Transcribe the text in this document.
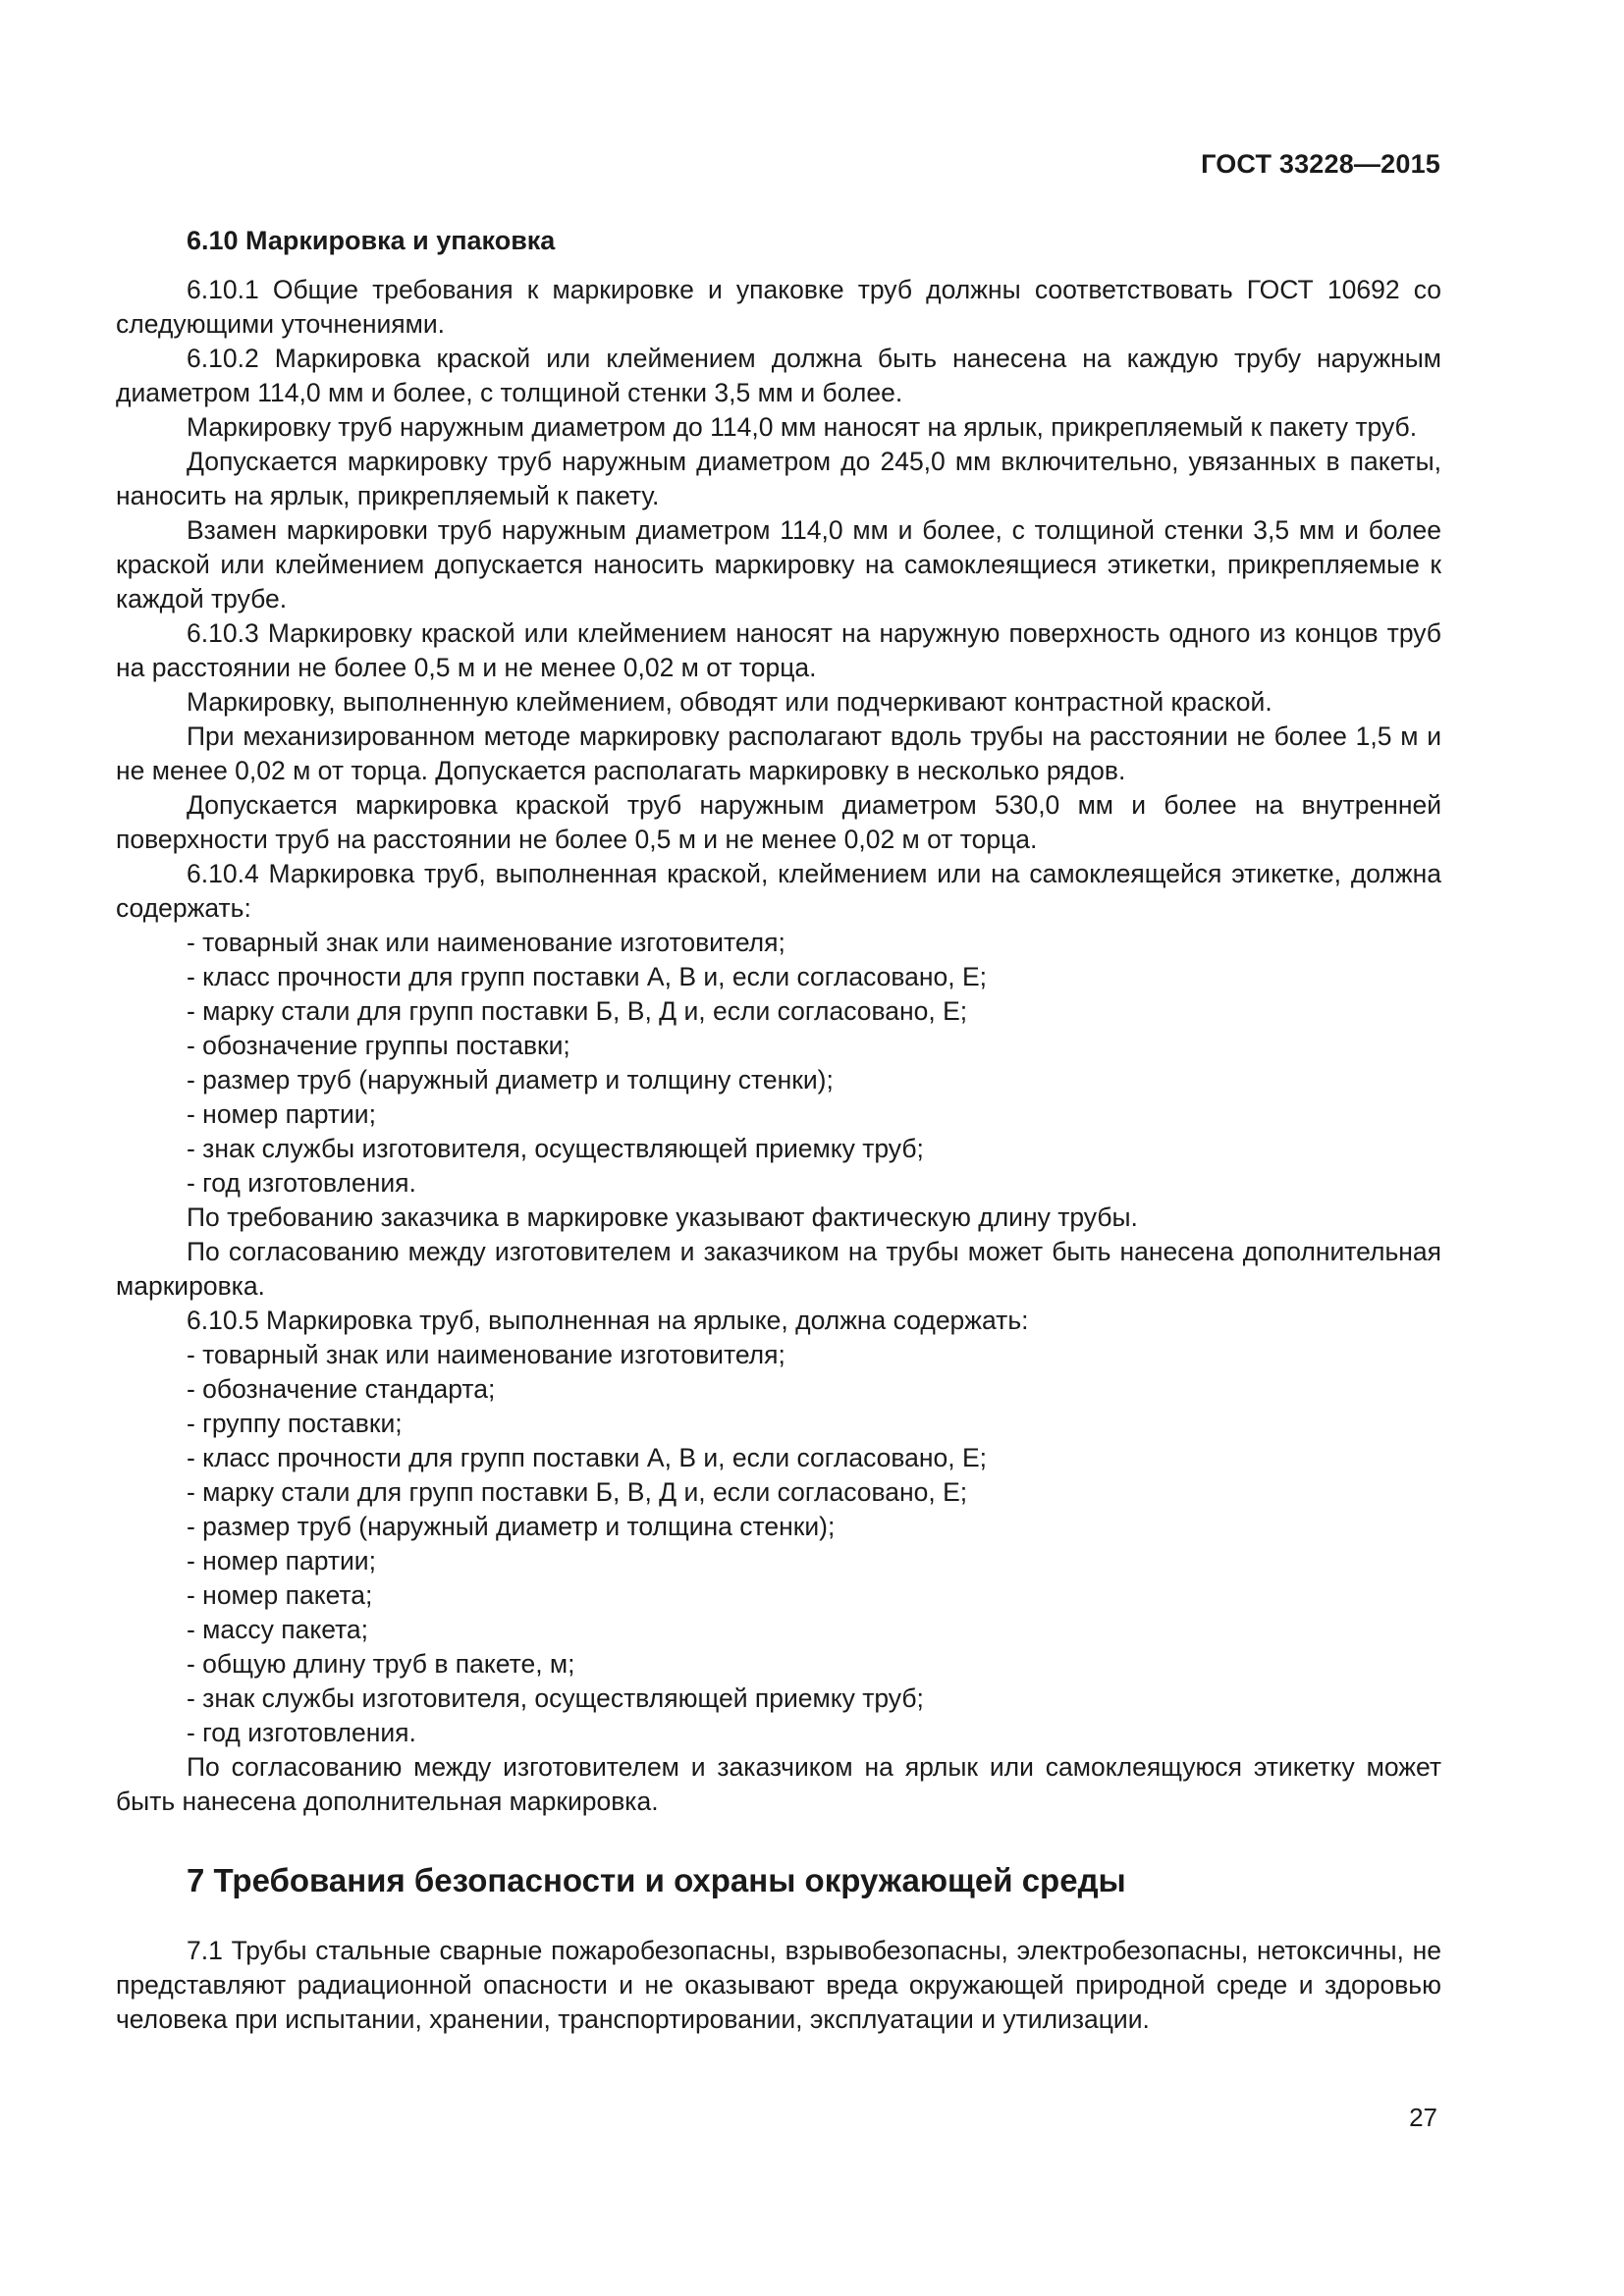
ГОСТ 33228—2015
6.10 Маркировка и упаковка

6.10.1 Общие требования к маркировке и упаковке труб должны соответствовать ГОСТ 10692 со следующими уточнениями.

6.10.2 Маркировка краской или клеймением должна быть нанесена на каждую трубу наружным диаметром 114,0 мм и более, с толщиной стенки 3,5 мм и более.

Маркировку труб наружным диаметром до 114,0 мм наносят на ярлык, прикрепляемый к пакету труб.

Допускается маркировку труб наружным диаметром до 245,0 мм включительно, увязанных в пакеты, наносить на ярлык, прикрепляемый к пакету.

Взамен маркировки труб наружным диаметром 114,0 мм и более, с толщиной стенки 3,5 мм и более краской или клеймением допускается наносить маркировку на самоклеящиеся этикетки, прикрепляемые к каждой трубе.

6.10.3 Маркировку краской или клеймением наносят на наружную поверхность одного из концов труб на расстоянии не более 0,5 м и не менее 0,02 м от торца.

Маркировку, выполненную клеймением, обводят или подчеркивают контрастной краской.

При механизированном методе маркировку располагают вдоль трубы на расстоянии не более 1,5 м и не менее 0,02 м от торца. Допускается располагать маркировку в несколько рядов.

Допускается маркировка краской труб наружным диаметром 530,0 мм и более на внутренней поверхности труб на расстоянии не более 0,5 м и не менее 0,02 м от торца.

6.10.4 Маркировка труб, выполненная краской, клеймением или на самоклеящейся этикетке, должна содержать:

- товарный знак или наименование изготовителя;
- класс прочности для групп поставки А, В и, если согласовано, Е;
- марку стали для групп поставки Б, В, Д и, если согласовано, Е;
- обозначение группы поставки;
- размер труб (наружный диаметр и толщину стенки);
- номер партии;
- знак службы изготовителя, осуществляющей приемку труб;
- год изготовления.

По требованию заказчика в маркировке указывают фактическую длину трубы.

По согласованию между изготовителем и заказчиком на трубы может быть нанесена дополнительная маркировка.

6.10.5 Маркировка труб, выполненная на ярлыке, должна содержать:

- товарный знак или наименование изготовителя;
- обозначение стандарта;
- группу поставки;
- класс прочности для групп поставки А, В и, если согласовано, Е;
- марку стали для групп поставки Б, В, Д и, если согласовано, Е;
- размер труб (наружный диаметр и толщина стенки);
- номер партии;
- номер пакета;
- массу пакета;
- общую длину труб в пакете, м;
- знак службы изготовителя, осуществляющей приемку труб;
- год изготовления.

По согласованию между изготовителем и заказчиком на ярлык или самоклеящуюся этикетку может быть нанесена дополнительная маркировка.

7 Требования безопасности и охраны окружающей среды

7.1 Трубы стальные сварные пожаробезопасны, взрывобезопасны, электробезопасны, нетоксичны, не представляют радиационной опасности и не оказывают вреда окружающей природной среде и здоровью человека при испытании, хранении, транспортировании, эксплуатации и утилизации.

27
